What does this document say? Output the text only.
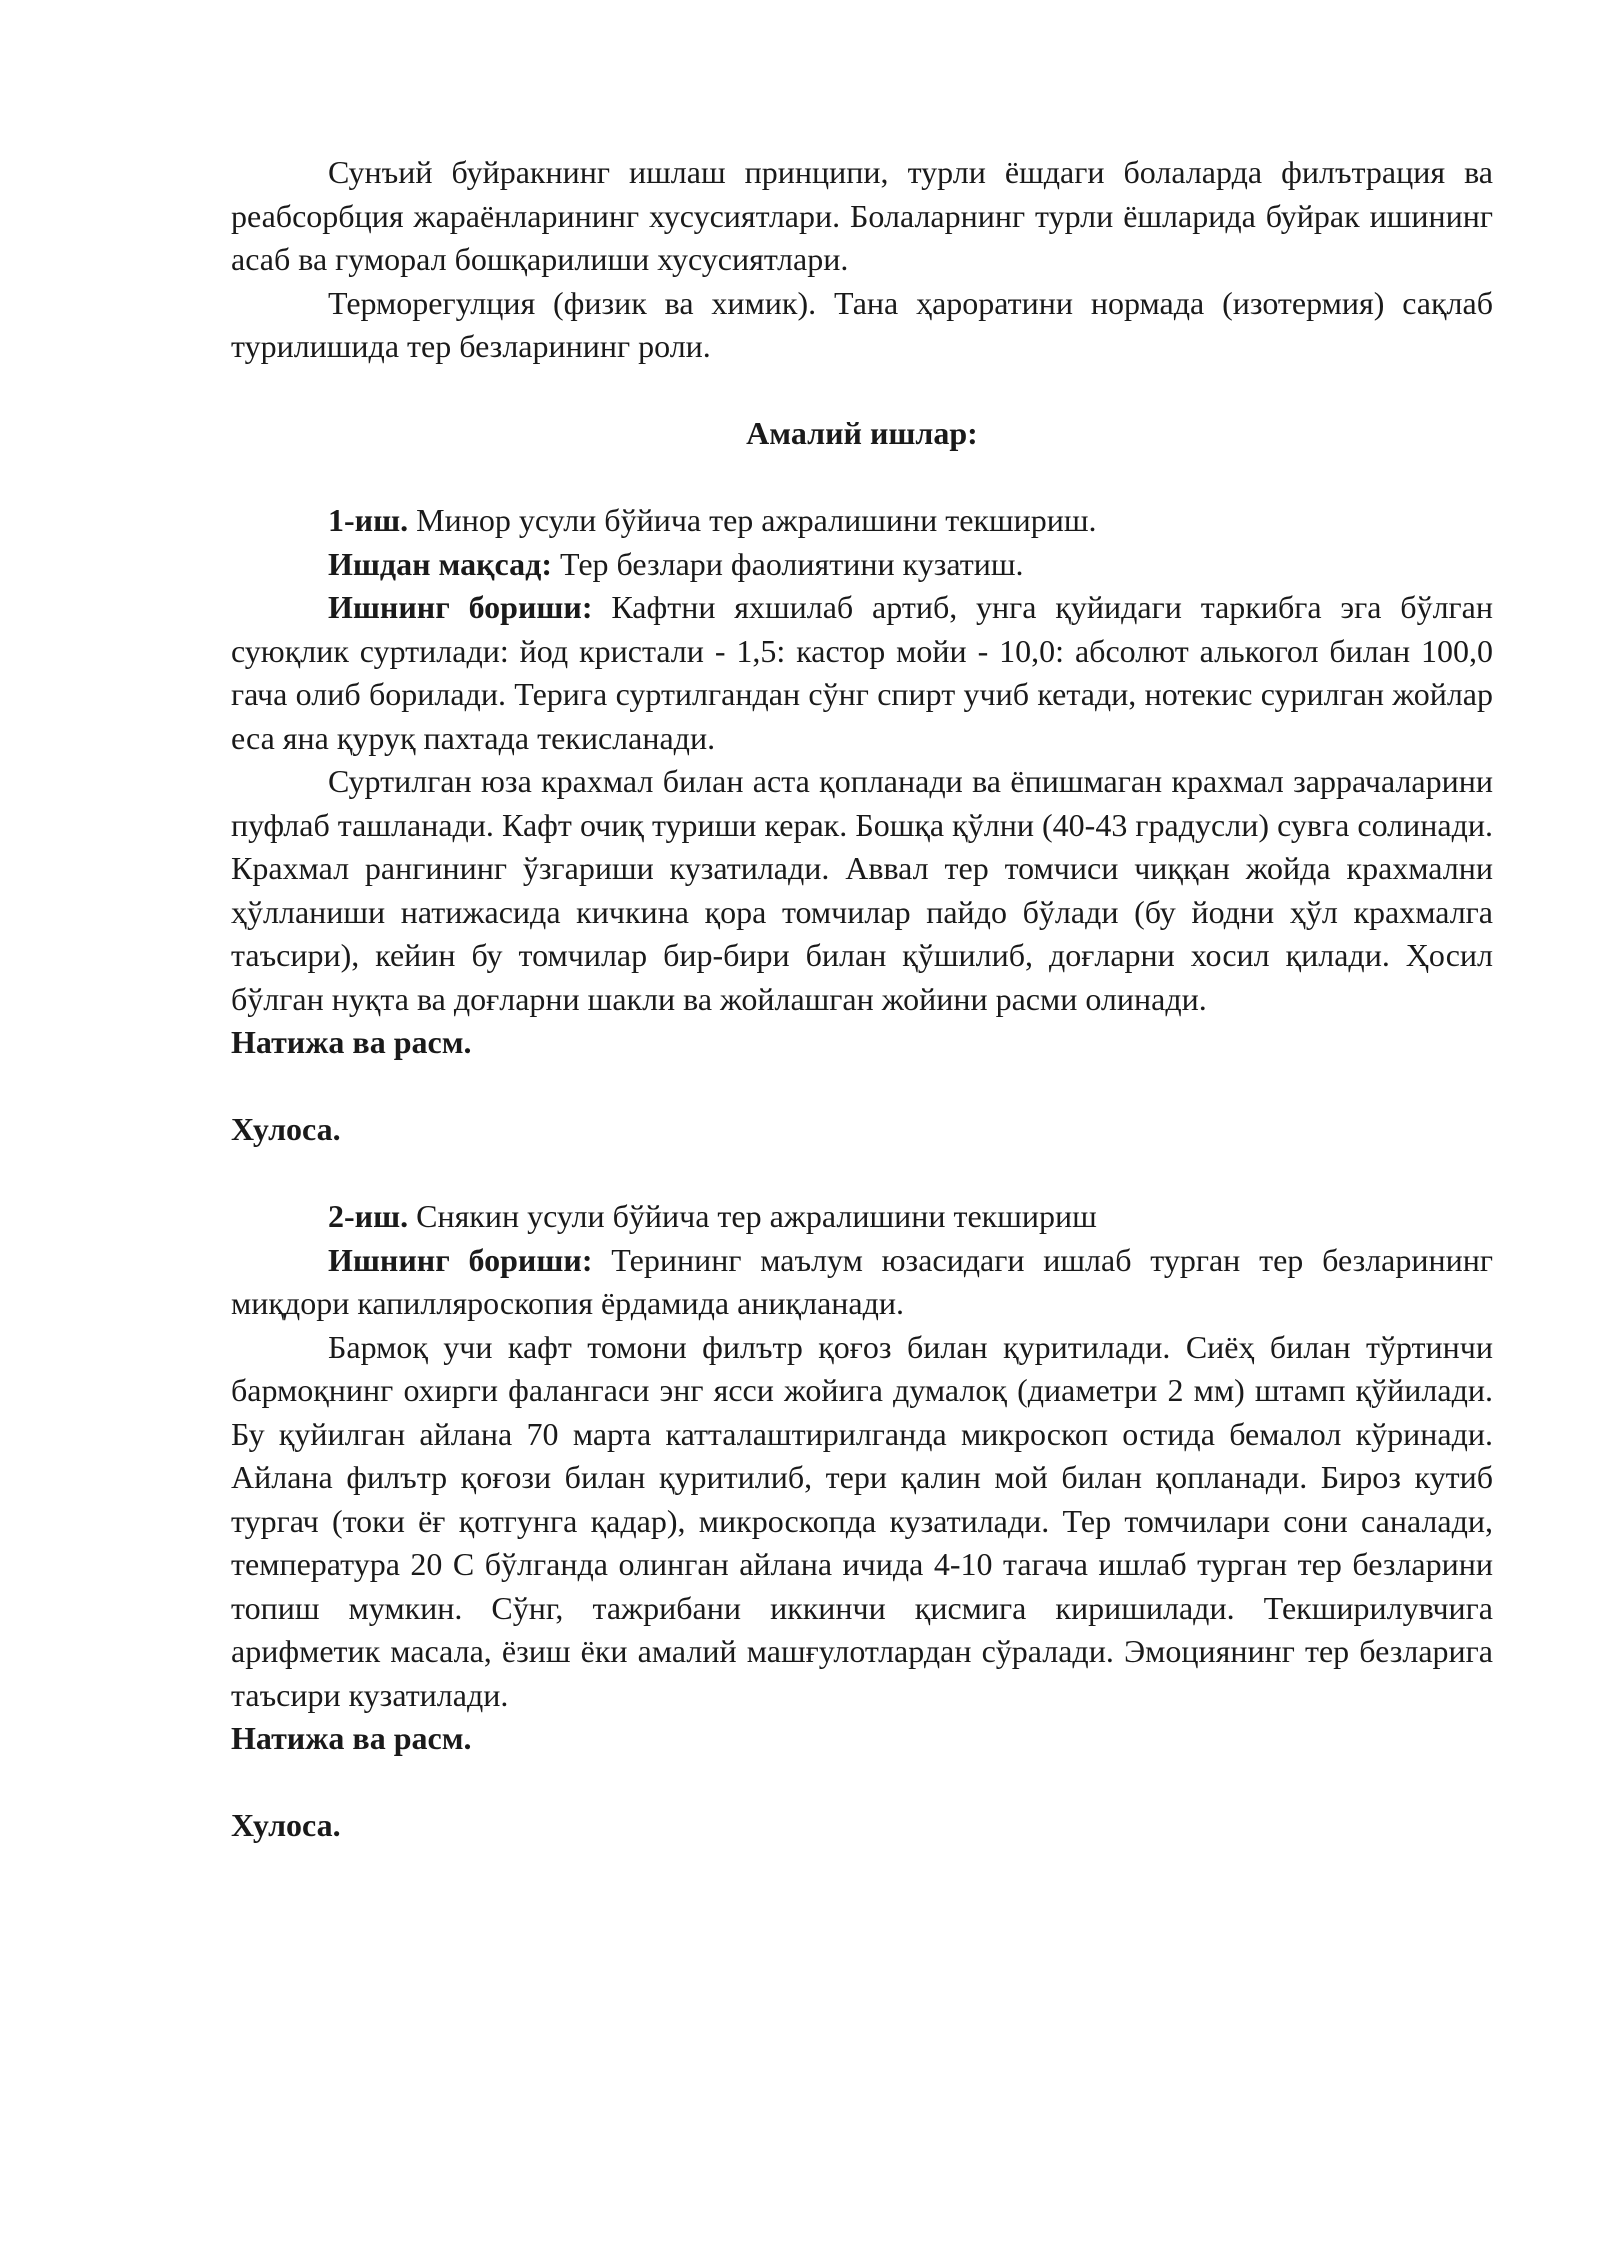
Сунъий буйракнинг ишлаш принципи, турли ёшдаги болаларда филътрация ва реабсорбция жараёнларининг хусусиятлари. Болаларнинг турли ёшларида буйрак ишининг асаб ва гуморал бошқарилиши хусусиятлари.

Терморегулция (физик ва химик). Тана ҳароратини нормада (изотермия) сақлаб турилишида тер безларининг роли.

Амалий ишлар:

1-иш. Минор усули бўйича тер ажралишини текшириш.

Ишдан мақсад: Тер безлари фаолиятини кузатиш.

Ишнинг бориши: Кафтни яхшилаб артиб, унга қуйидаги таркибга эга бўлган суюқлик суртилади: йод кристали - 1,5: кастор мойи - 10,0: абсолют алькогол билан 100,0 гача олиб борилади. Терига суртилгандан сўнг спирт учиб кетади, нотекис сурилган жойлар еса яна қуруқ пахтада текисланади.

Суртилган юза крахмал билан аста қопланади ва ёпишмаган крахмал заррачаларини пуфлаб ташланади. Кафт очиқ туриши керак. Бошқа қўлни (40-43 градусли) сувга солинади. Крахмал рангининг ўзгариши кузатилади. Аввал тер томчиси чиққан жойда крахмални ҳўлланиши натижасида кичкина қора томчилар пайдо бўлади (бу йодни ҳўл крахмалга таъсири), кейин бу томчилар бир-бири билан қўшилиб, доғларни хосил қилади. Ҳосил бўлган нуқта ва доғларни шакли ва жойлашган жойини расми олинади.

Натижа ва расм.

Хулоса.

2-иш. Снякин усули бўйича тер ажралишини текшириш

Ишнинг бориши: Терининг маълум юзасидаги ишлаб турган тер безларининг миқдори капилляроскопия ёрдамида аниқланади.

Бармоқ учи кафт томони филътр қоғоз билан қуритилади. Сиёҳ билан тўртинчи бармоқнинг охирги фалангаси энг ясси жойига думалоқ (диаметри 2 мм) штамп қўйилади. Бу қуйилган айлана 70 марта катталаштирилганда микроскоп остида бемалол кўринади. Айлана филътр қоғози билан қуритилиб, тери қалин мой билан қопланади. Бироз кутиб тургач (токи ёғ қотгунга қадар), микроскопда кузатилади. Тер томчилари сони саналади, температура 20 С бўлганда олинган айлана ичида 4-10 тагача ишлаб турган тер безларини топиш мумкин. Сўнг, тажрибани иккинчи қисмига киришилади. Текширилувчига арифметик масала, ёзиш ёки амалий машғулотлардан сўралади. Эмоциянинг тер безларига таъсири кузатилади.

Натижа ва расм.

Хулоса.
